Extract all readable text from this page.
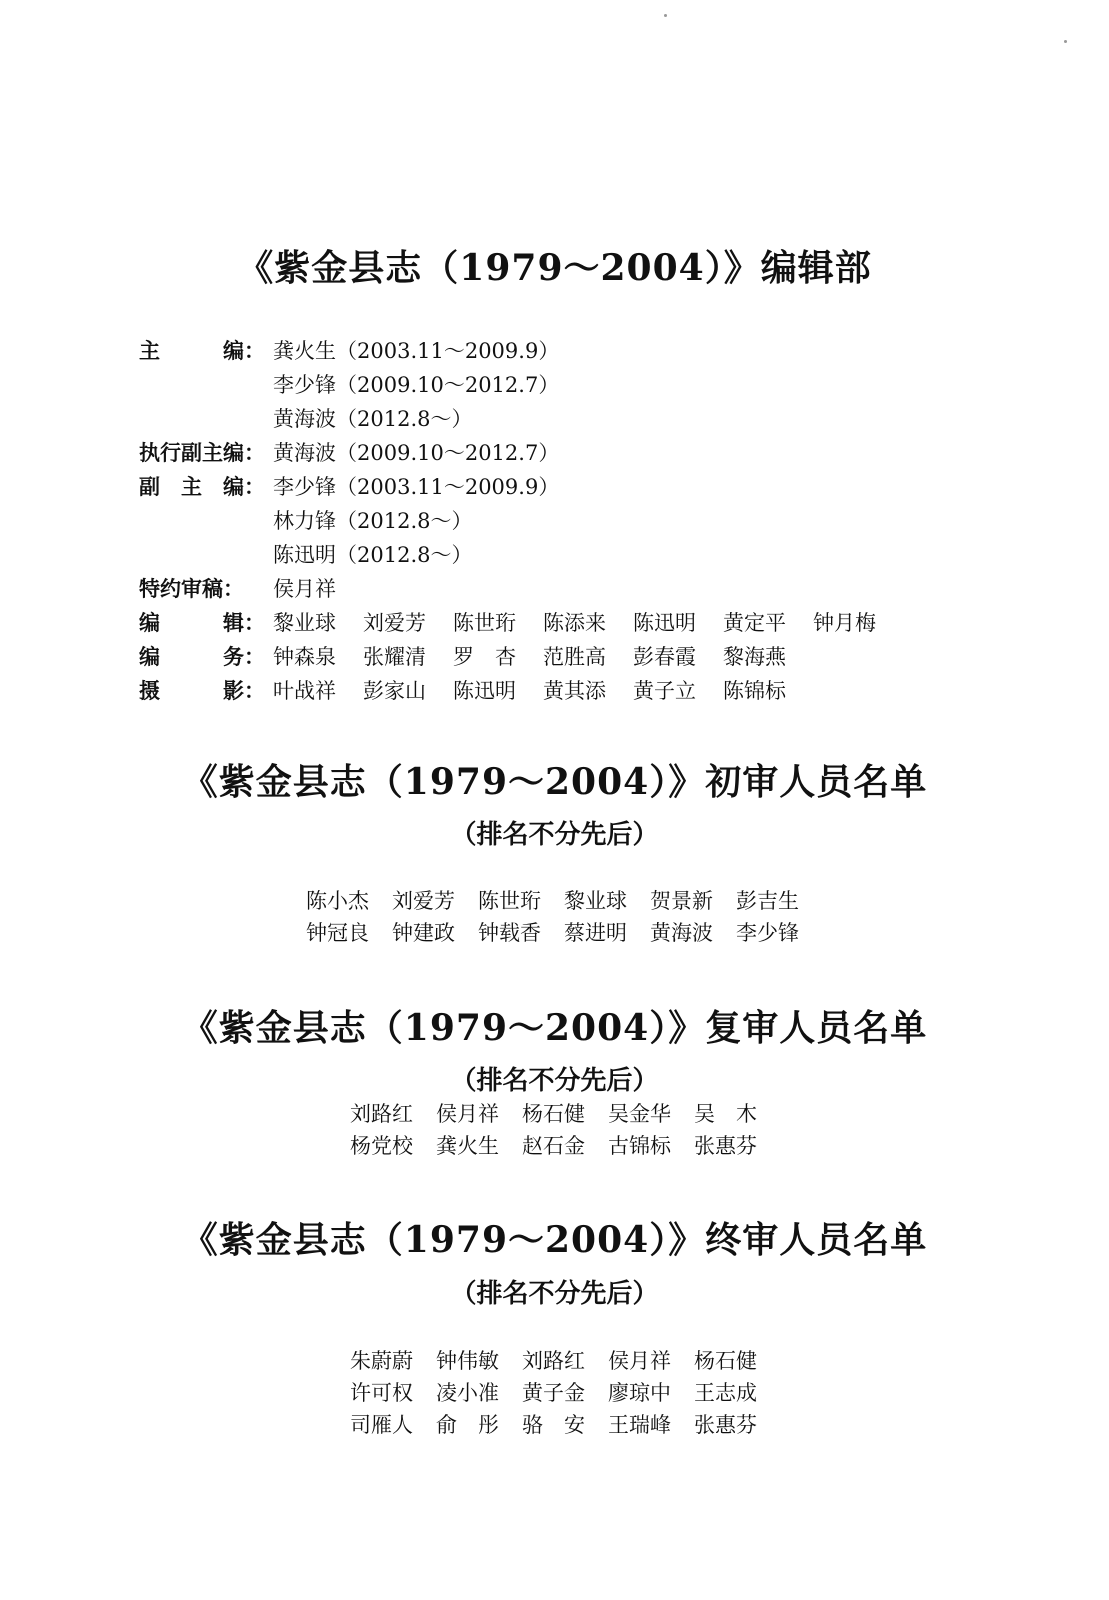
《紫金县志（1979～2004）》编辑部
主　　　编： 龚火生（2003.11～2009.9）
李少锋（2009.10～2012.7）
黄海波（2012.8～）
执行副主编： 黄海波（2009.10～2012.7）
副　主　编： 李少锋（2003.11～2009.9）
林力锋（2012.8～）
陈迅明（2012.8～）
特约审稿：	侯月祥
编　　　辑： 黎业球 刘爱芳 陈世珩 陈添来 陈迅明 黄定平 钟月梅
编　　　务： 钟森泉 张耀清 罗　杏 范胜高 彭春霞 黎海燕
摄　　　影： 叶战祥 彭家山 陈迅明 黄其添 黄子立 陈锦标
《紫金县志（1979～2004）》初审人员名单
（排名不分先后）
陈小杰 刘爱芳 陈世珩 黎业球 贺景新 彭吉生
钟冠良 钟建政 钟载香 蔡进明 黄海波 李少锋
《紫金县志（1979～2004）》复审人员名单
（排名不分先后）
刘路红 侯月祥 杨石健 吴金华 吴　木
杨党校 龚火生 赵石金 古锦标 张惠芬
《紫金县志（1979～2004）》终审人员名单
（排名不分先后）
朱蔚蔚 钟伟敏 刘路红 侯月祥 杨石健
许可权 凌小准 黄子金 廖琼中 王志成
司雁人 俞　彤 骆　安 王瑞峰 张惠芬
